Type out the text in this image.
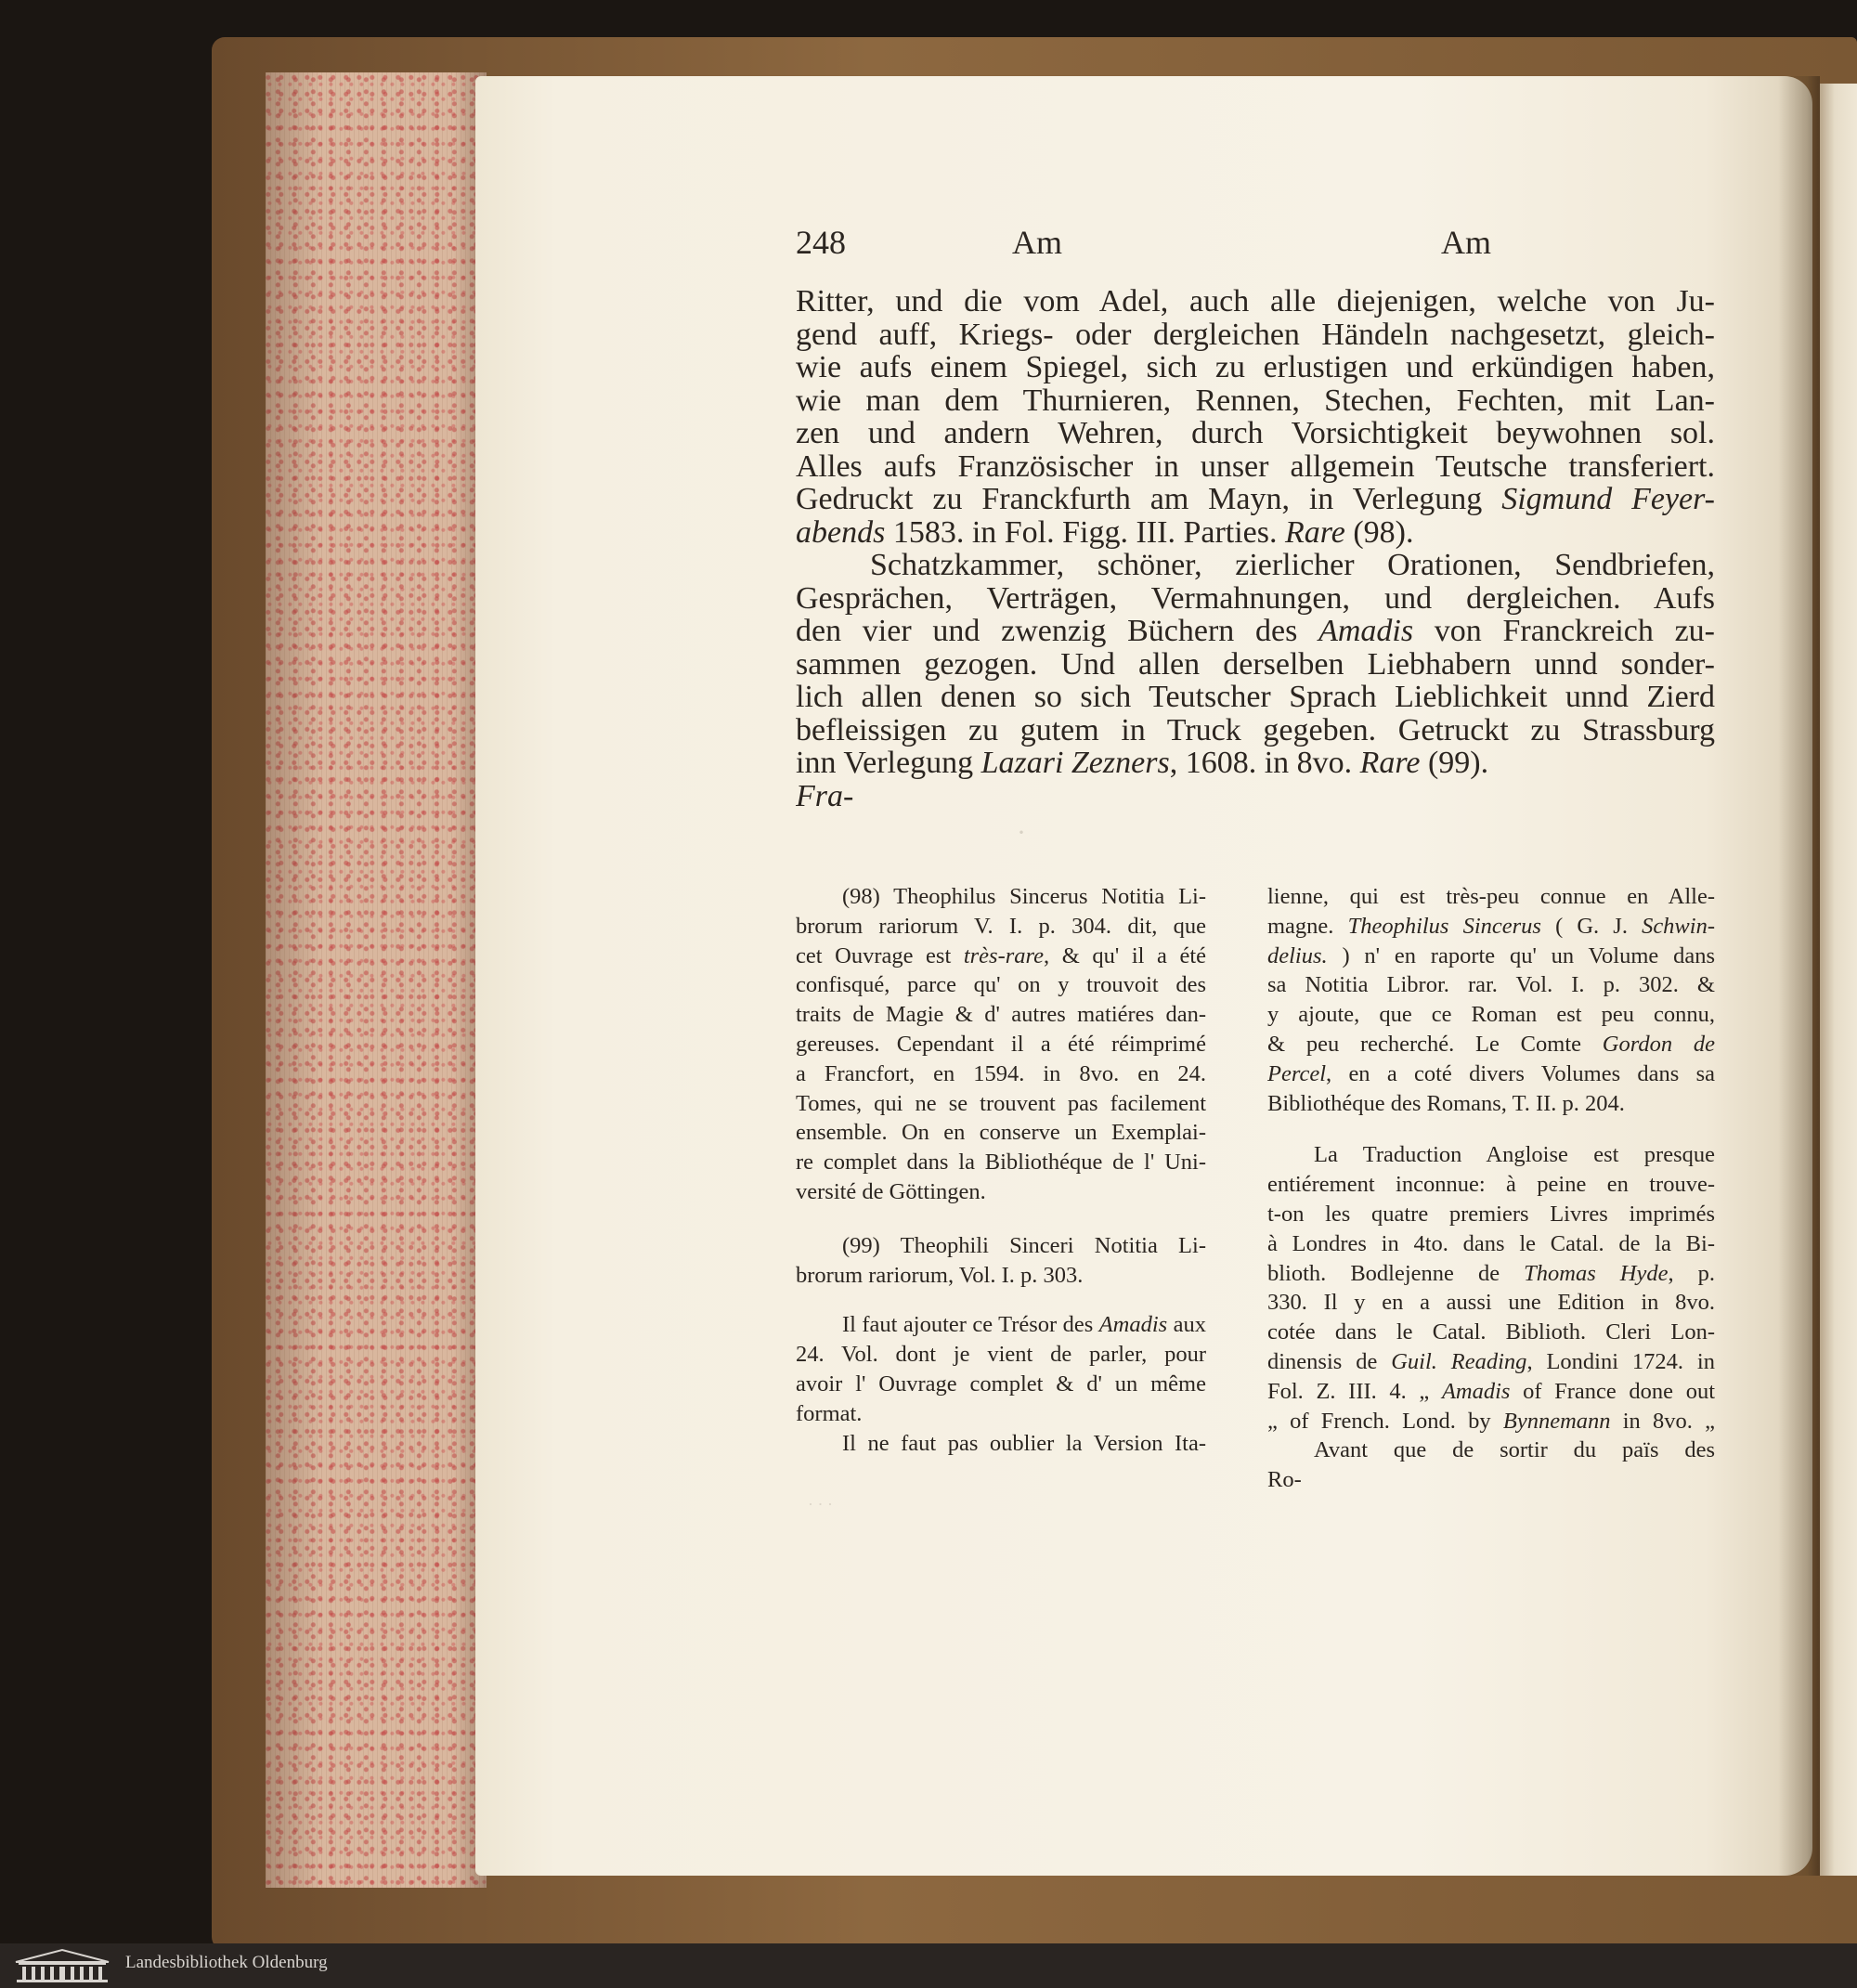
·
248	Am	Am
Ritter, und die vom Adel, auch alle diejenigen, welche von Ju-
gend auff, Kriegs- oder dergleichen Händeln nachgesetzt, gleich-
wie aufs einem Spiegel, sich zu erlustigen und erkündigen haben,
wie man dem Thurnieren, Rennen, Stechen, Fechten, mit Lan-
zen und andern Wehren, durch Vorsichtigkeit beywohnen sol.
Alles aufs Französischer in unser allgemein Teutsche transferiert.
Gedruckt zu Franckfurth am Mayn, in Verlegung Sigmund Feyer-
abends 1583. in Fol. Figg. III. Parties. Rare (98).
Schatzkammer, schöner, zierlicher Orationen, Sendbriefen,
Gesprächen, Verträgen, Vermahnungen, und dergleichen. Aufs
den vier und zwenzig Büchern des Amadis von Franckreich zu-
sammen gezogen. Und allen derselben Liebhabern unnd sonder-
lich allen denen so sich Teutscher Sprach Lieblichkeit unnd Zierd
befleissigen zu gutem in Truck gegeben. Getruckt zu Strassburg
inn Verlegung Lazari Zezners, 1608. in 8vo. Rare (99).
Fra-
(98) Theophilus Sincerus Notitia Li-
brorum rariorum V. I. p. 304. dit, que
cet Ouvrage est très-rare, & qu' il a été
confisqué, parce qu' on y trouvoit des
traits de Magie & d' autres matiéres dan-
gereuses. Cependant il a été réimprimé
a Francfort, en 1594. in 8vo. en 24.
Tomes, qui ne se trouvent pas facilement
ensemble. On en conserve un Exemplai-
re complet dans la Bibliothéque de l' Uni-
versité de Göttingen.
(99) Theophili Sinceri Notitia Li-
brorum rariorum, Vol. I. p. 303.
Il faut ajouter ce Trésor des Amadis aux
24. Vol. dont je vient de parler, pour
avoir l' Ouvrage complet & d' un même
format.
Il ne faut pas oublier la Version Ita-
lienne, qui est très-peu connue en Alle-
magne. Theophilus Sincerus ( G. J. Schwin-
delius. ) n' en raporte qu' un Volume dans
sa Notitia Libror. rar. Vol. I. p. 302. &
y ajoute, que ce Roman est peu connu,
& peu recherché. Le Comte Gordon de
Percel, en a coté divers Volumes dans sa
Bibliothéque des Romans, T. II. p. 204.
La Traduction Angloise est presque
entiérement inconnue: à peine en trouve-
t-on les quatre premiers Livres imprimés
à Londres in 4to. dans le Catal. de la Bi-
blioth. Bodlejenne de Thomas Hyde, p.
330. Il y en a aussi une Edition in 8vo.
cotée dans le Catal. Biblioth. Cleri Lon-
dinensis de Guil. Reading, Londini 1724. in
Fol. Z. III. 4. „ Amadis of France done out
„ of French. Lond. by Bynnemann in 8vo. „
Avant que de sortir du païs des
Ro-
· · ·
Landesbibliothek Oldenburg
